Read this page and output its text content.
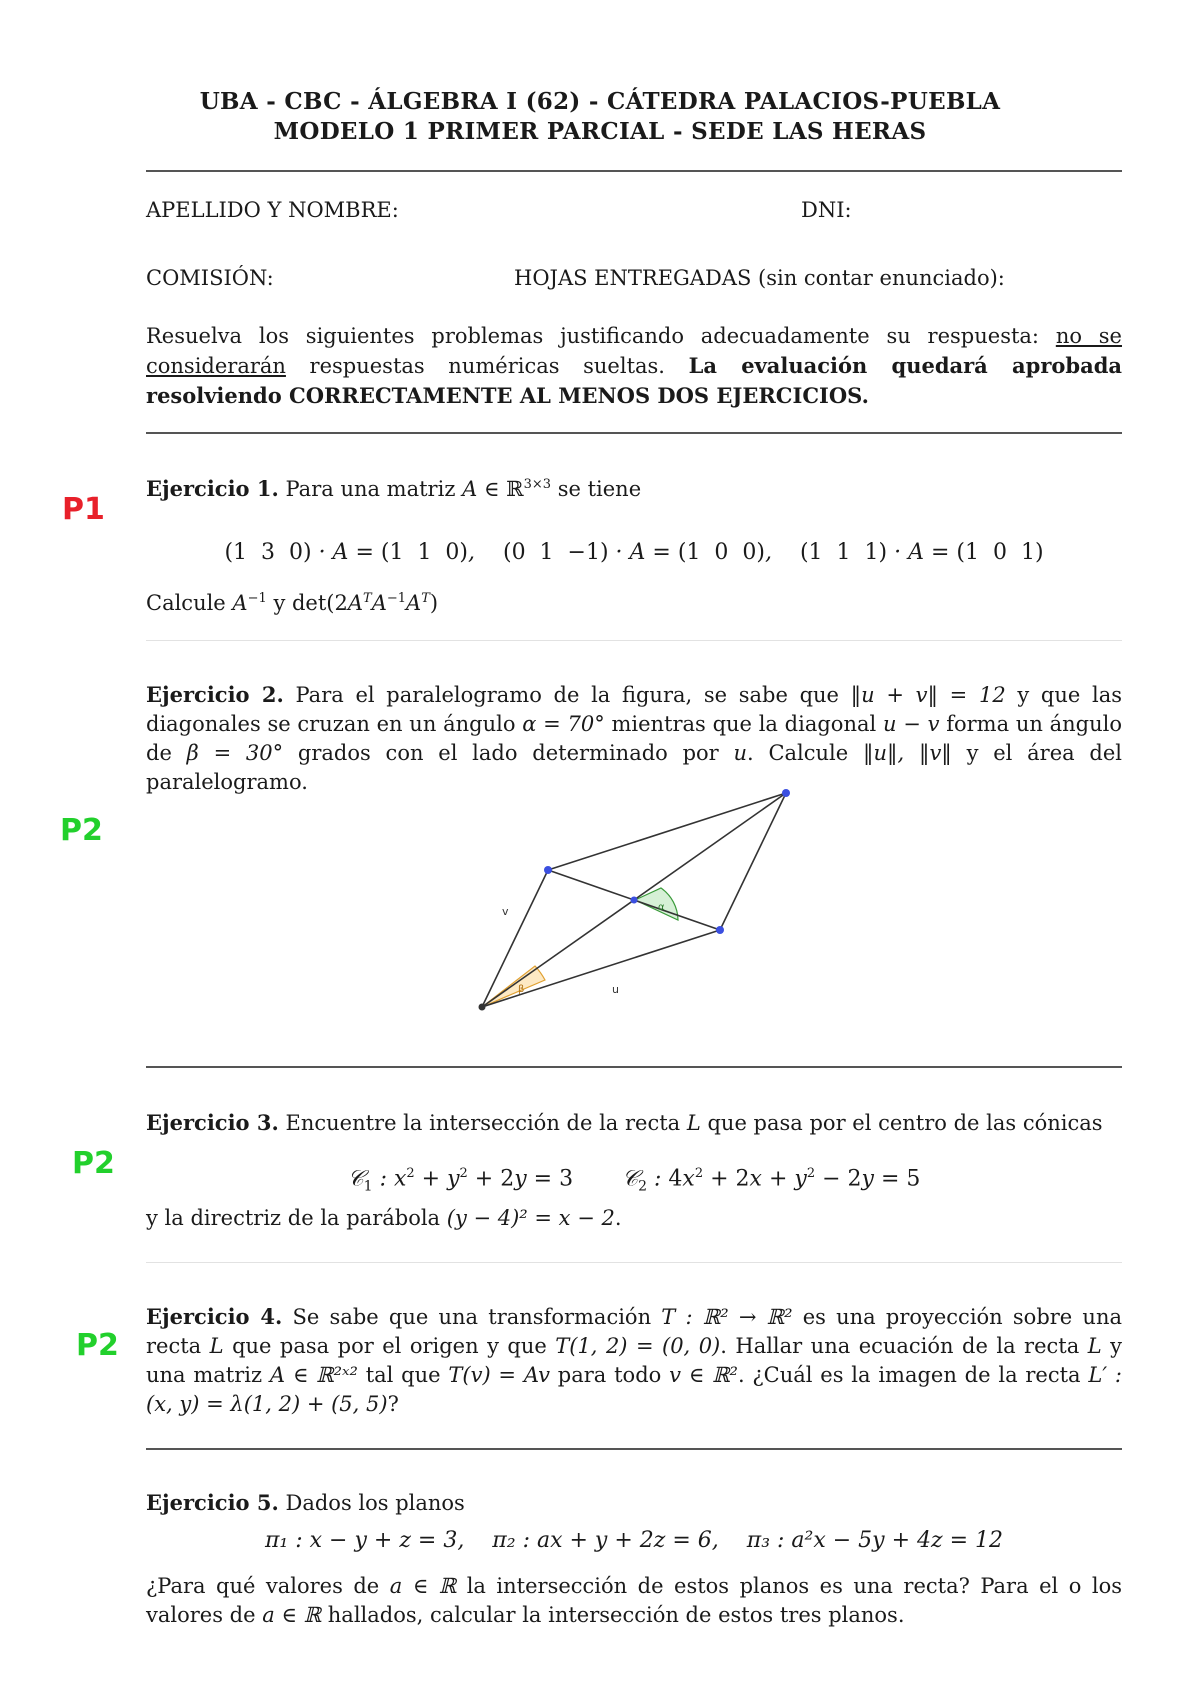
UBA - CBC - ÁLGEBRA I (62) - CÁTEDRA PALACIOS-PUEBLA
MODELO 1 PRIMER PARCIAL - SEDE LAS HERAS
APELLIDO Y NOMBRE:	DNI:
COMISIÓN:	HOJAS ENTREGADAS (sin contar enunciado):
Resuelva los siguientes problemas justificando adecuadamente su respuesta: no se considerarán respuestas numéricas sueltas. La evaluación quedará aprobada resolviendo CORRECTAMENTE AL MENOS DOS EJERCICIOS.
P1
P2
P2
P2
Ejercicio 1. Para una matriz A ∈ ℝ$^{3\times 3}$ se tiene
(1  3  0) · A = (1  1  0),    (0  1  −1) · A = (1  0  0),    (1  1  1) · A = (1  0  1)
Calcule $A^{-1}$ y $\det(2A^TA^{-1}A^T)$
Ejercicio 2. Para el paralelogramo de la figura, se sabe que ‖u + v‖ = 12 y que las diagonales se cruzan en un ángulo α = 70° mientras que la diagonal u − v forma un ángulo de β = 30° grados con el lado determinado por u. Calcule ‖u‖, ‖v‖ y el área del paralelogramo.
v
u
α
β
Ejercicio 3. Encuentre la intersección de la recta L que pasa por el centro de las cónicas
𝒞$_1$ : $x^2 + y^2 + 2y = 3$       𝒞$_2$ : $4x^2 + 2x + y^2 - 2y = 5$
y la directriz de la parábola (y − 4)² = x − 2.
Ejercicio 4. Se sabe que una transformación T : ℝ² → ℝ² es una proyección sobre una recta L que pasa por el origen y que T(1, 2) = (0, 0). Hallar una ecuación de la recta L y una matriz A ∈ ℝ²ˣ² tal que T(v) = Av para todo v ∈ ℝ². ¿Cuál es la imagen de la recta L′ : (x, y) = λ(1, 2) + (5, 5)?
Ejercicio 5. Dados los planos
π₁ : x − y + z = 3,    π₂ : ax + y + 2z = 6,    π₃ : a²x − 5y + 4z = 12
¿Para qué valores de a ∈ ℝ la intersección de estos planos es una recta? Para el o los valores de a ∈ ℝ hallados, calcular la intersección de estos tres planos.
